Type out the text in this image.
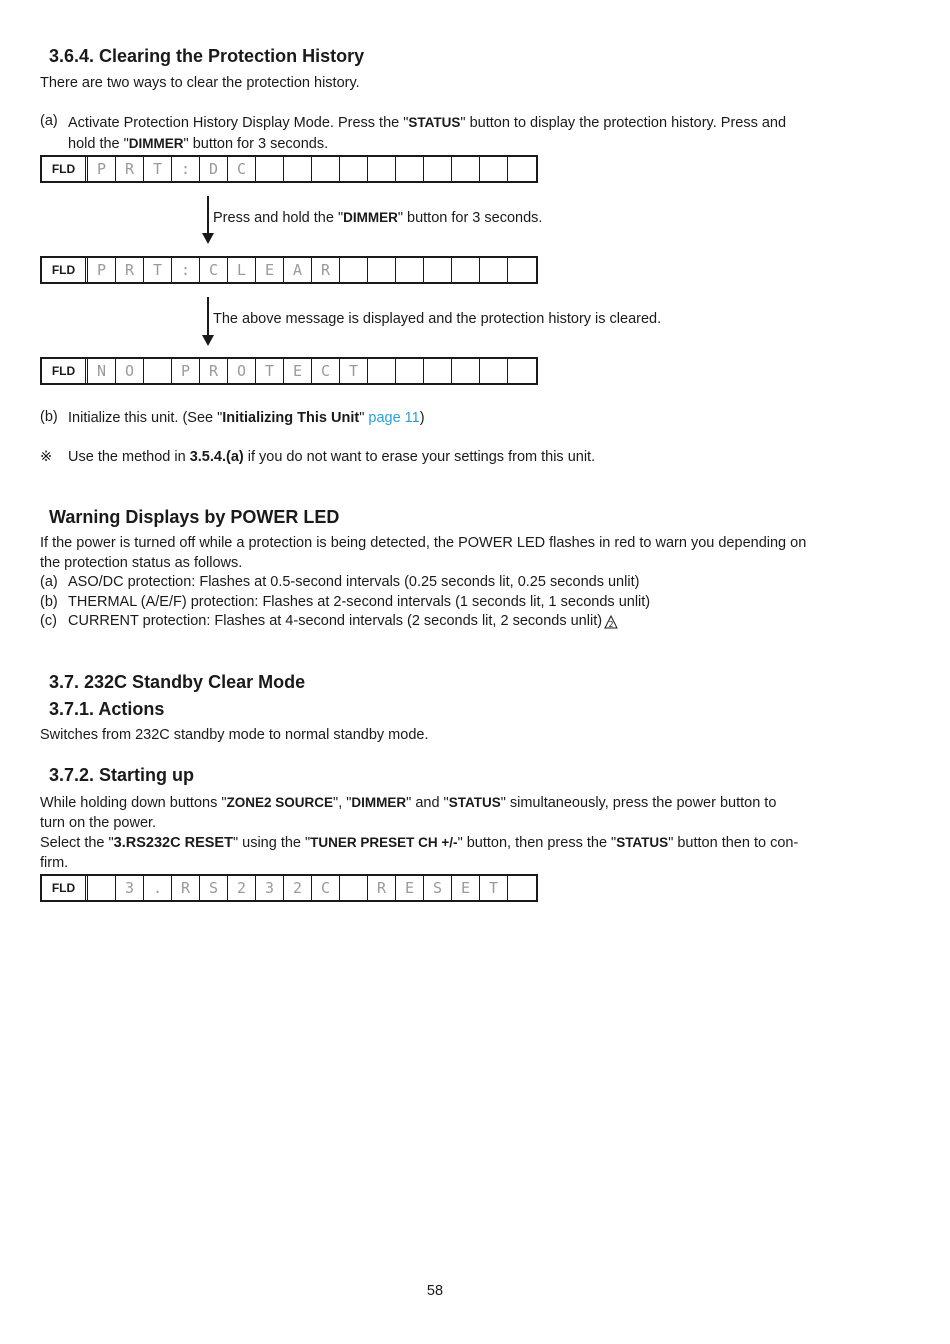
3.6.4. Clearing the Protection History

There are two ways to clear the protection history.

(a) Activate Protection History Display Mode. Press the "STATUS" button to display the protection history. Press and
hold the "DIMMER" button for 3 seconds.

FLD	P	R	T	:	D	C

Press and hold the "DIMMER" button for 3 seconds.

FLD	P	R	T	:	C	L	E	A	R

The above message is displayed and the protection history is cleared.

FLD	N	O	P	R	O	T	E	C	T
(b) Initialize this unit. (See "Initializing This Unit" page 11)

※ Use the method in 3.5.4.(a) if you do not want to erase your settings from this unit.

Warning Displays by POWER LED

If the power is turned off while a protection is being detected, the POWER LED flashes in red to warn you depending on
the protection status as follows.

(a) ASO/DC protection: Flashes at 0.5-second intervals (0.25 seconds lit, 0.25 seconds unlit)
(b) THERMAL (A/E/F) protection: Flashes at 2-second intervals (1 seconds lit, 1 seconds unlit)
(c) CURRENT protection: Flashes at 4-second intervals (2 seconds lit, 2 seconds unlit) 2
3.7. 232C Standby Clear Mode
3.7.1. Actions

Switches from 232C standby mode to normal standby mode.

3.7.2. Starting up

While holding down buttons "ZONE2 SOURCE", "DIMMER" and "STATUS" simultaneously, press the power button to
turn on the power.
Select the "3.RS232C RESET" using the "TUNER PRESET CH +/-" button, then press the "STATUS" button then to con-
firm.

FLD	3	.	R	S	2	3	2	C	R	E	S	E	T
58
